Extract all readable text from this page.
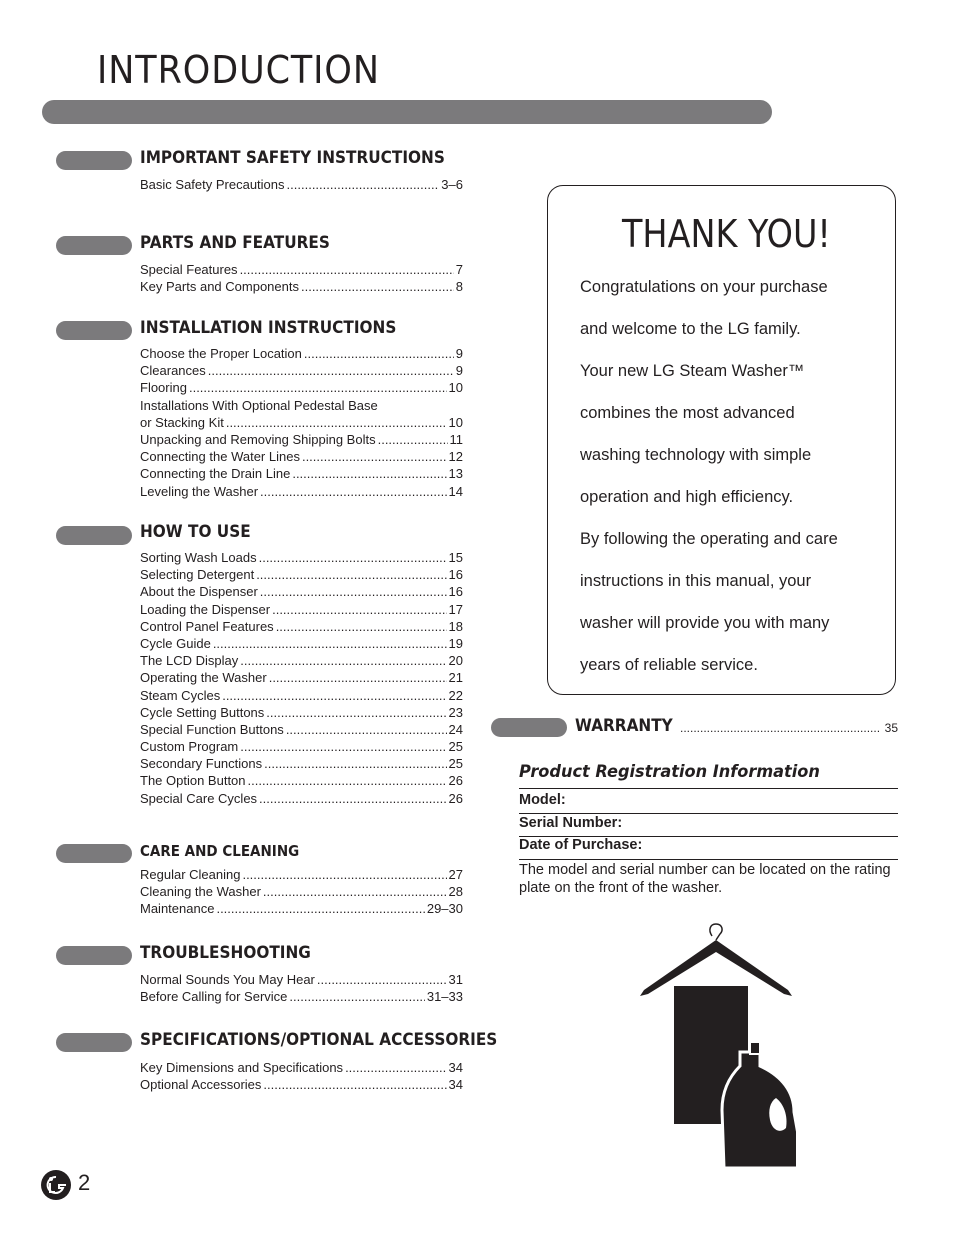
INTRODUCTION
IMPORTANT SAFETY INSTRUCTIONS
Basic Safety Precautions .....	3–6
PARTS AND FEATURES
Special Features .....	7
Key Parts and Components .....	8
INSTALLATION INSTRUCTIONS
Choose the Proper Location .....	9
Clearances .....	9
Flooring .....	10
Installations With Optional Pedestal Base
or Stacking Kit .....	10
Unpacking and Removing Shipping Bolts .....	11
Connecting the Water Lines .....	12
Connecting the Drain Line .....	13
Leveling the Washer .....	14
HOW TO USE
Sorting Wash Loads .....	15
Selecting Detergent .....	16
About the Dispenser .....	16
Loading the Dispenser .....	17
Control Panel Features .....	18
Cycle Guide .....	19
The LCD Display .....	20
Operating the Washer .....	21
Steam Cycles .....	22
Cycle Setting Buttons .....	23
Special Function Buttons .....	24
Custom Program .....	25
Secondary Functions .....	25
The Option Button .....	26
Special Care Cycles .....	26
CARE AND CLEANING
Regular Cleaning .....	27
Cleaning the Washer .....	28
Maintenance .....	29–30
TROUBLESHOOTING
Normal Sounds You May Hear .....	31
Before Calling for Service .....	31–33
SPECIFICATIONS/OPTIONAL ACCESSORIES
Key Dimensions and Specifications .....	34
Optional Accessories .....	34
THANK YOU!
Congratulations on your purchase
and welcome to the LG family.
Your new LG Steam Washer™
combines the most advanced
washing technology with simple
operation and high efficiency.
By following the operating and care
instructions in this manual, your
washer will provide you with many
years of reliable service.
WARRANTY .....	35
Product Registration Information
Model:
Serial Number:
Date of Purchase:
The model and serial number can be located on the rating plate on the front of the washer.
2
